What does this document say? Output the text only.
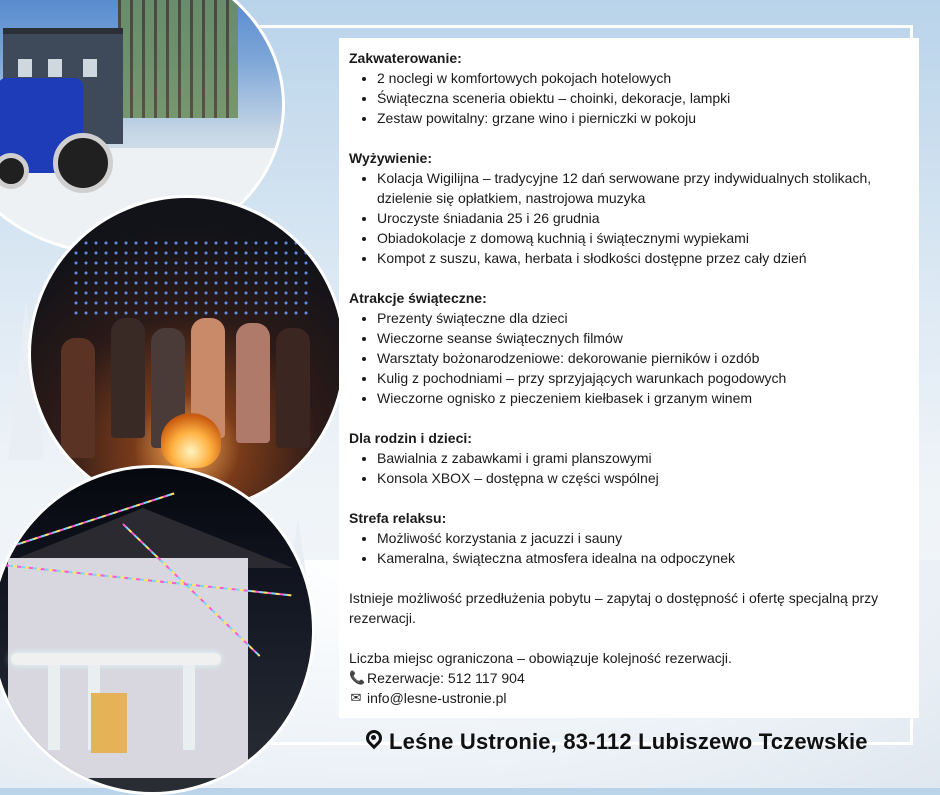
Zakwaterowanie:

• 2 noclegi w komfortowych pokojach hotelowych
• Świąteczna sceneria obiektu – choinki, dekoracje, lampki
• Zestaw powitalny: grzane wino i pierniczki w pokoju

Wyżywienie:

• Kolacja Wigilijna – tradycyjne 12 dań serwowane przy indywidualnych stolikach, dzielenie się opłatkiem, nastrojowa muzyka
• Uroczyste śniadania 25 i 26 grudnia
• Obiadokolacje z domową kuchnią i świątecznymi wypiekami
• Kompot z suszu, kawa, herbata i słodkości dostępne przez cały dzień

Atrakcje świąteczne:

• Prezenty świąteczne dla dzieci
• Wieczorne seanse świątecznych filmów
• Warsztaty bożonarodzeniowe: dekorowanie pierników i ozdób
• Kulig z pochodniami – przy sprzyjających warunkach pogodowych
• Wieczorne ognisko z pieczeniem kiełbasek i grzanym winem

Dla rodzin i dzieci:

• Bawialnia z zabawkami i grami planszowymi
• Konsola XBOX – dostępna w części wspólnej

Strefa relaksu:

• Możliwość korzystania z jacuzzi i sauny
• Kameralna, świąteczna atmosfera idealna na odpoczynek

Istnieje możliwość przedłużenia pobytu – zapytaj o dostępność i ofertę specjalną przy rezerwacji.

Liczba miejsc ograniczona – obowiązuje kolejność rezerwacji.

📞 Rezerwacje: 512 117 904
✉ info@lesne-ustronie.pl
Leśne Ustronie, 83-112 Lubiszewo Tczewskie
